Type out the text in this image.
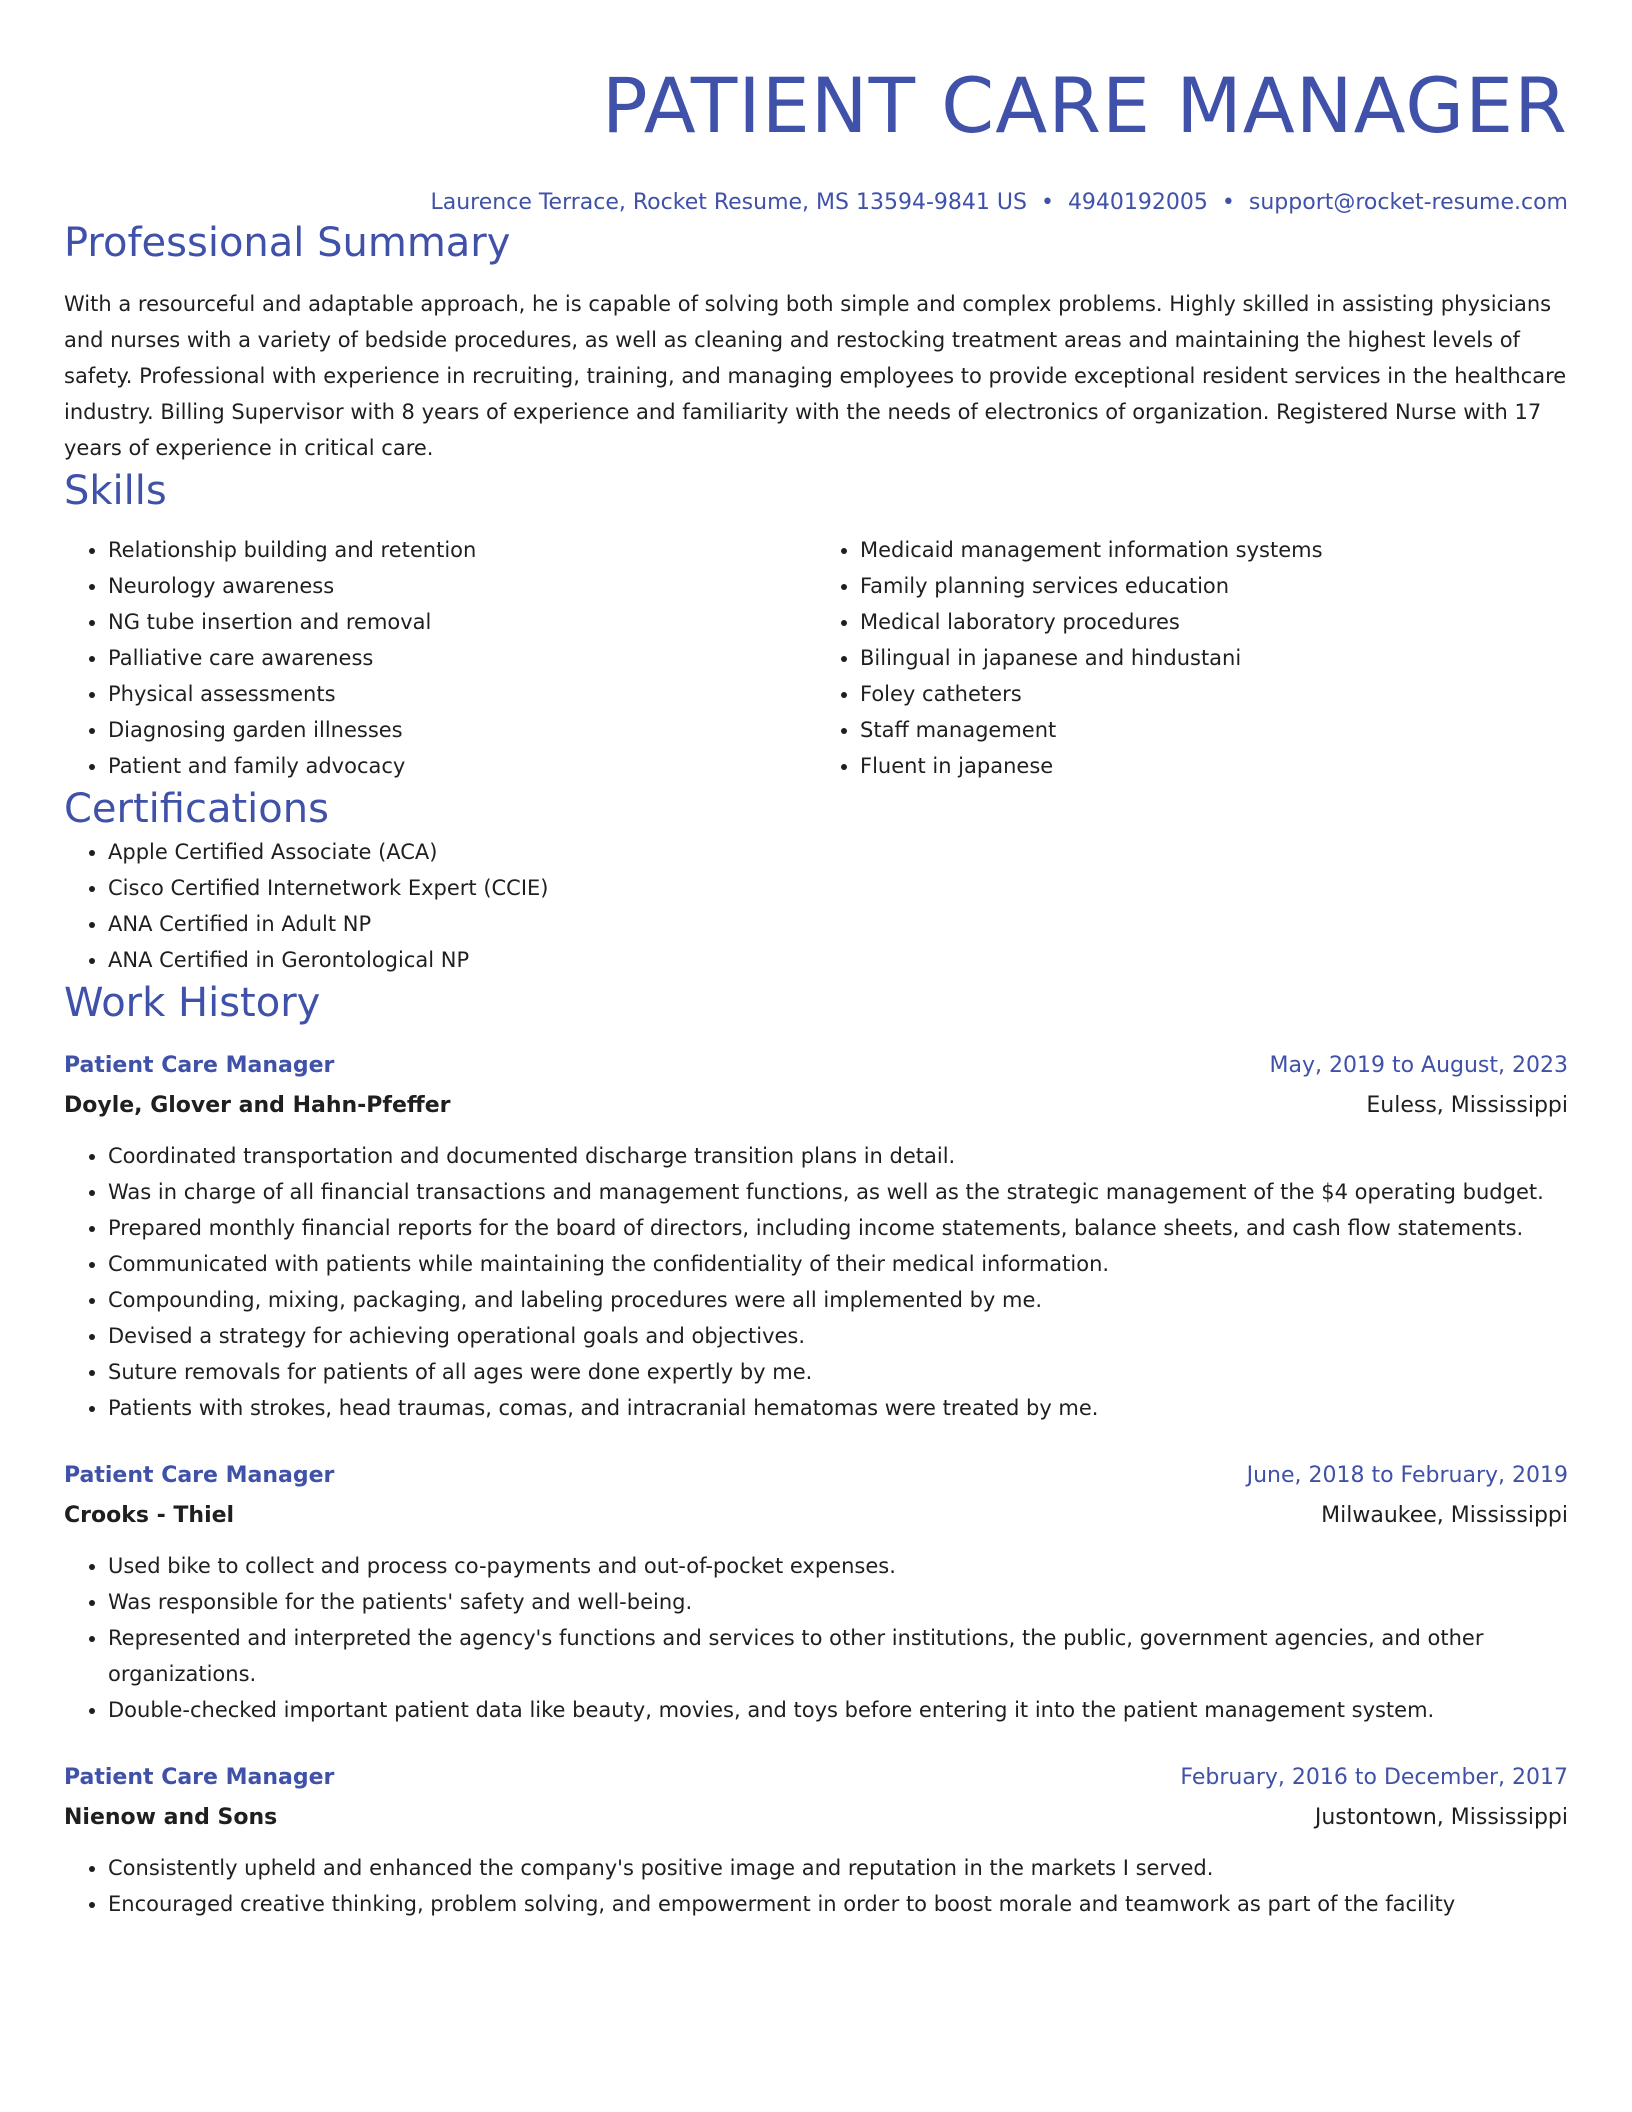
PATIENT CARE MANAGER
Laurence Terrace, Rocket Resume, MS 13594-9841 US • 4940192005 • support@rocket-resume.com
Professional Summary

With a resourceful and adaptable approach, he is capable of solving both simple and complex problems. Highly skilled in assisting physicians and nurses with a variety of bedside procedures, as well as cleaning and restocking treatment areas and maintaining the highest levels of safety. Professional with experience in recruiting, training, and managing employees to provide exceptional resident services in the healthcare industry. Billing Supervisor with 8 years of experience and familiarity with the needs of electronics of organization. Registered Nurse with 17 years of experience in critical care.

Skills
• Relationship building and retention
• Neurology awareness
• NG tube insertion and removal
• Palliative care awareness
• Physical assessments
• Diagnosing garden illnesses
• Patient and family advocacy
• Medicaid management information systems
• Family planning services education
• Medical laboratory procedures
• Bilingual in japanese and hindustani
• Foley catheters
• Staff management
• Fluent in japanese
Certifications
• Apple Certified Associate (ACA)
• Cisco Certified Internetwork Expert (CCIE)
• ANA Certified in Adult NP
• ANA Certified in Gerontological NP
Work History
Patient Care Manager	May, 2019 to August, 2023
Doyle, Glover and Hahn-Pfeffer	Euless, Mississippi
• Coordinated transportation and documented discharge transition plans in detail.
• Was in charge of all financial transactions and management functions, as well as the strategic management of the $4 operating budget.
• Prepared monthly financial reports for the board of directors, including income statements, balance sheets, and cash flow statements.
• Communicated with patients while maintaining the confidentiality of their medical information.
• Compounding, mixing, packaging, and labeling procedures were all implemented by me.
• Devised a strategy for achieving operational goals and objectives.
• Suture removals for patients of all ages were done expertly by me.
• Patients with strokes, head traumas, comas, and intracranial hematomas were treated by me.
Patient Care Manager	June, 2018 to February, 2019
Crooks - Thiel	Milwaukee, Mississippi
• Used bike to collect and process co-payments and out-of-pocket expenses.
• Was responsible for the patients' safety and well-being.
• Represented and interpreted the agency's functions and services to other institutions, the public, government agencies, and other organizations.
• Double-checked important patient data like beauty, movies, and toys before entering it into the patient management system.
Patient Care Manager	February, 2016 to December, 2017
Nienow and Sons	Justontown, Mississippi
• Consistently upheld and enhanced the company's positive image and reputation in the markets I served.
• Encouraged creative thinking, problem solving, and empowerment in order to boost morale and teamwork as part of the facility
